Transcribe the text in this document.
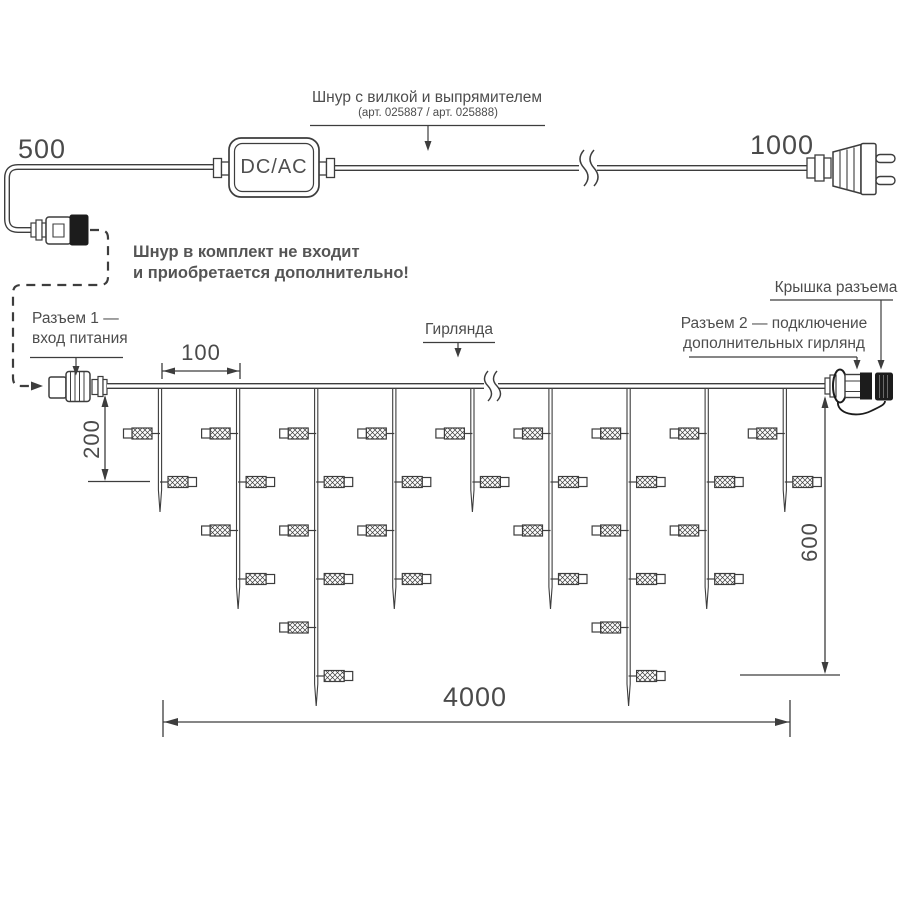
500	1000
DC/AC
Шнур с вилкой и выпрямителем
(арт. 025887 / арт. 025888)
Шнур в комплект не входит
и приобретается дополнительно!
Разъем 1 —
вход питания
Гирлянда	Разъем 2 — подключение
дополнительных гирлянд
Крышка разъема
100
200
600
4000
